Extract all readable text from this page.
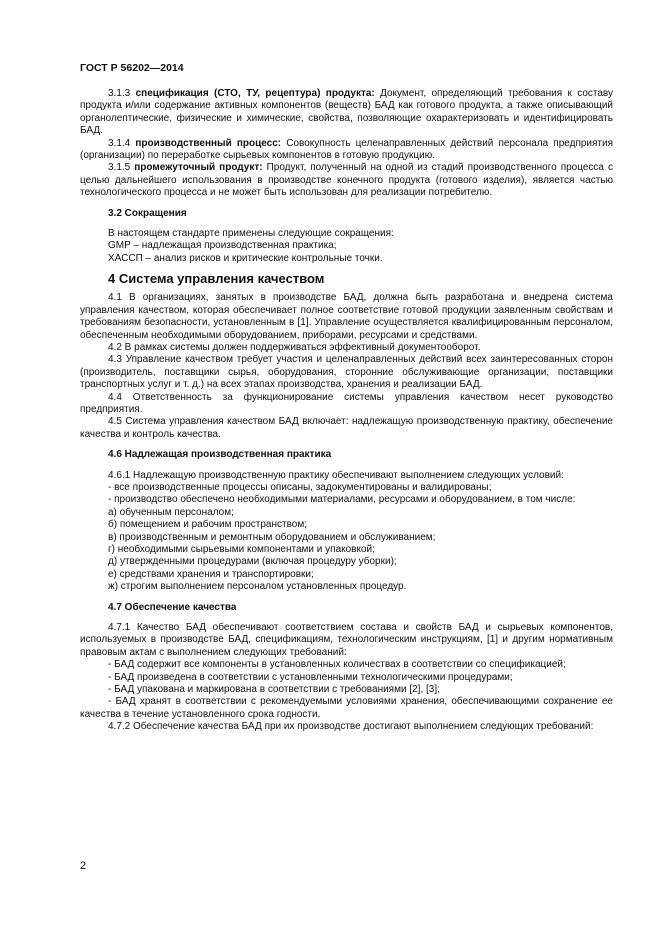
ГОСТ Р 56202—2014

3.1.3 спецификация (СТО, ТУ, рецептура) продукта: Документ, определяющий требования к составу продукта и/или содержание активных компонентов (веществ) БАД как готового продукта, а также описывающий органолептические, физические и химические, свойства, позволяющие охарактеризовать и идентифицировать БАД.

3.1.4 производственный процесс: Совокупность целенаправленных действий персонала предприятия (организации) по переработке сырьевых компонентов в готовую продукцию.

3.1.5 промежуточный продукт: Продукт, полученный на одной из стадий производственного процесса с целью дальнейшего использования в производстве конечного продукта (готового изделия), является частью технологического процесса и не может быть использован для реализации потребителю.

3.2 Сокращения

В настоящем стандарте применены следующие сокращения:

GMP – надлежащая производственная практика;

ХАССП – анализ рисков и критические контрольные точки.

4 Система управления качеством

4.1 В организациях, занятых в производстве БАД, должна быть разработана и внедрена система управления качеством, которая обеспечивает полное соответствие готовой продукции заявленным свойствам и требованиям безопасности, установленным в [1]. Управление осуществляется квалифицированным персоналом, обеспеченным необходимыми оборудованием, приборами, ресурсами и средствами.

4.2 В рамках системы должен поддерживаться эффективный документооборот.

4.3 Управление качеством требует участия и целенаправленных действий всех заинтересованных сторон (производитель, поставщики сырья, оборудования, сторонние обслуживающие организации, поставщики транспортных услуг и т. д.) на всех этапах производства, хранения и реализации БАД.

4.4 Ответственность за функционирование системы управления качеством несет руководство предприятия.

4.5 Система управления качеством БАД включает: надлежащую производственную практику, обеспечение качества и контроль качества.

4.6 Надлежащая производственная практика

4.6.1 Надлежащую производственную практику обеспечивают выполнением следующих условий:

- все производственные процессы описаны, задокументированы и валидированы;

- производство обеспечено необходимыми материалами, ресурсами и оборудованием, в том числе:

а) обученным персоналом;

б) помещением и рабочим пространством;

в) производственным и ремонтным оборудованием и обслуживанием;

г) необходимыми сырьевыми компонентами и упаковкой;

д) утвержденными процедурами (включая процедуру уборки);

е) средствами хранения и транспортировки;

ж) строгим выполнением персоналом установленных процедур.

4.7 Обеспечение качества

4.7.1 Качество БАД обеспечивают соответствием состава и свойств БАД и сырьевых компонентов, используемых в производстве БАД, спецификациям, технологическим инструкциям, [1] и другим нормативным правовым актам с выполнением следующих требований:

- БАД содержит все компоненты в установленных количествах в соответствии со спецификацией;

- БАД произведена в соответствии с установленными технологическими процедурами;

- БАД упакована и маркирована в соответствии с требованиями [2], [3];

- БАД хранят в соответствии с рекомендуемыми условиями хранения, обеспечивающими сохранение ее качества в течение установленного срока годности.

4.7.2 Обеспечение качества БАД при их производстве достигают выполнением следующих требований:

2
